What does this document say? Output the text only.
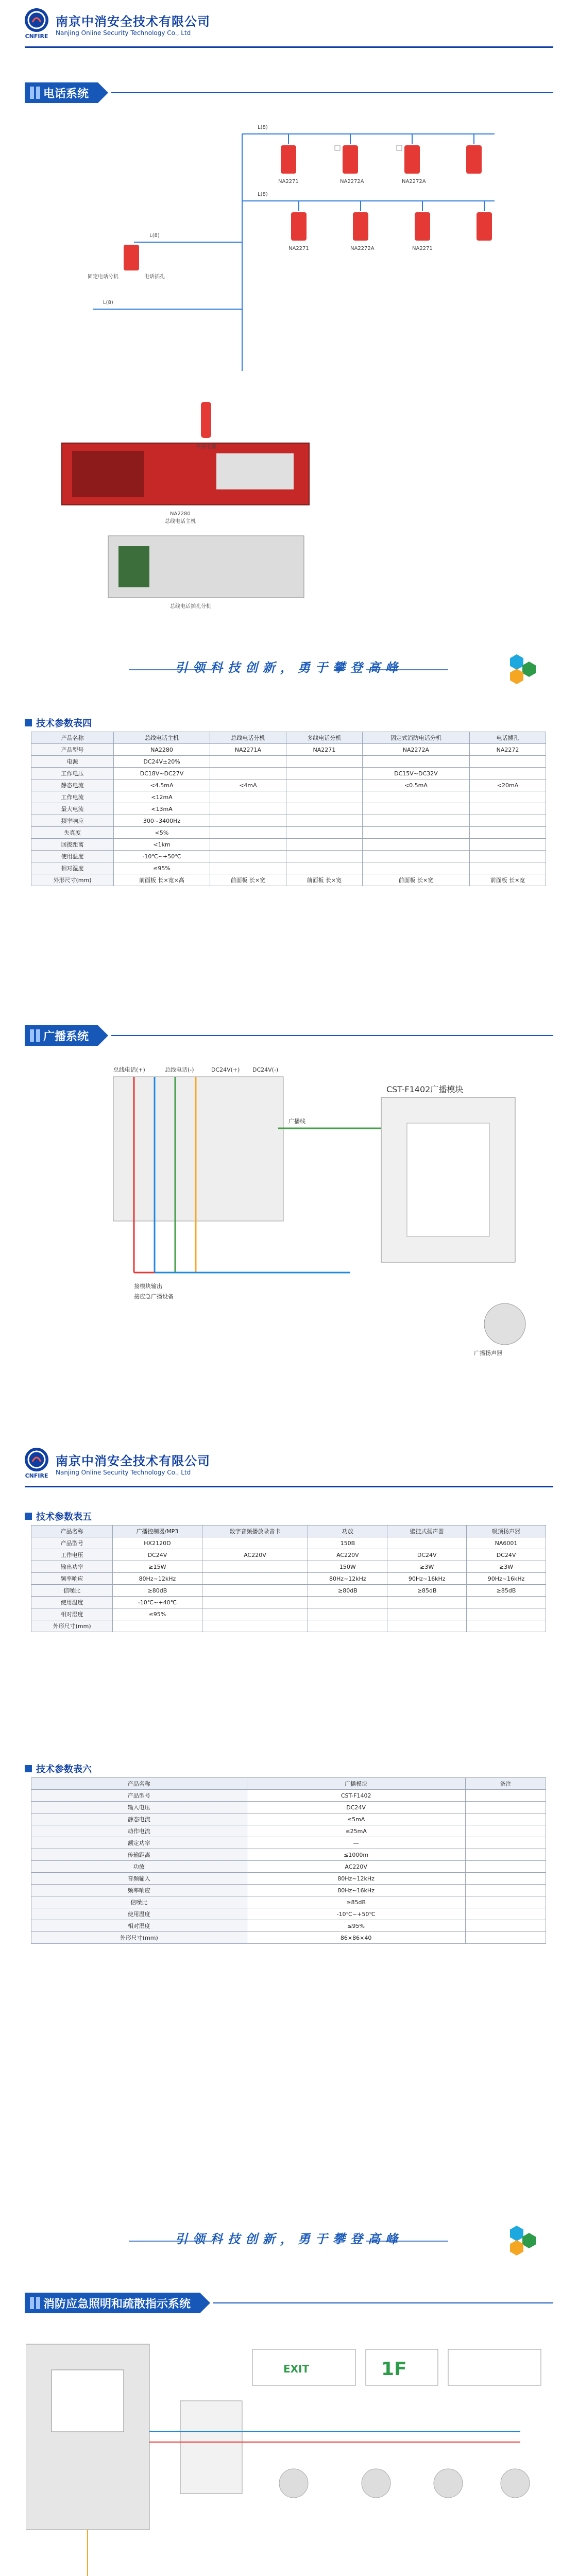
CNFIRE
南京中消安全技术有限公司
Nanjing Online Security Technology Co., Ltd
电话系统
L(8)
L(8)
L(8)
L(8)
固定电话分机	电话插孔
NA2271	NA2272A	NA2272A
NA2271	NA2272A	NA2271
手持电话
NA2280
总线电话主机
总线电话插孔分机
引领科技创新，勇于攀登高峰
技术参数表四
产品名称	总线电话主机	总线电话分机	多线电话分机	固定式消防电话分机	电话插孔
产品型号	NA2280	NA2271A	NA2271	NA2272A	NA2272
电源	DC24V±20%				
工作电压	DC18V~DC27V			DC15V~DC32V	
静态电流	<4.5mA	<4mA		<0.5mA	<20mA
工作电流	<12mA				
最大电流	<13mA				
频率响应	300~3400Hz				
失真度	<5%				
回拨距离	<1km				
使用温度	-10℃~+50℃				
相对湿度	≤95%				
外形尺寸(mm)	前面板 长×宽×高	前面板 长×宽	前面板 长×宽	前面板 长×宽	前面板 长×宽
广播系统
CST-F1402广播模块
总线电话(+)	总线电话(-)
广播线
DC24V(+) DC24V(-)
广播扬声器
接模块输出
接应急广播设备
CNFIRE
南京中消安全技术有限公司
Nanjing Online Security Technology Co., Ltd
技术参数表五
产品名称	广播控制器/MP3	数字音频播放录音卡	功放	壁挂式扬声器	吸顶扬声器
产品型号	HX2120D		150B		NA6001
工作电压	DC24V	AC220V	AC220V	DC24V	DC24V
输出功率	≥15W		150W	≥3W	≥3W
频率响应	80Hz~12kHz		80Hz~12kHz	90Hz~16kHz	90Hz~16kHz
信噪比	≥80dB		≥80dB	≥85dB	≥85dB
使用温度	-10℃~+40℃				
相对湿度	≤95%				
外形尺寸(mm)					
技术参数表六
产品名称	广播模块	备注
产品型号	CST-F1402	
输入电压	DC24V	
静态电流	≤5mA	
动作电流	≤25mA	
额定功率	—	
传输距离	≤1000m	
功放	AC220V	
音频输入	80Hz~12kHz	
频率响应	80Hz~16kHz	
信噪比	≥85dB	
使用温度	-10℃~+50℃	
相对湿度	≤95%	
外形尺寸(mm)	86×86×40	
引领科技创新，勇于攀登高峰
消防应急照明和疏散指示系统
1F
EXIT
